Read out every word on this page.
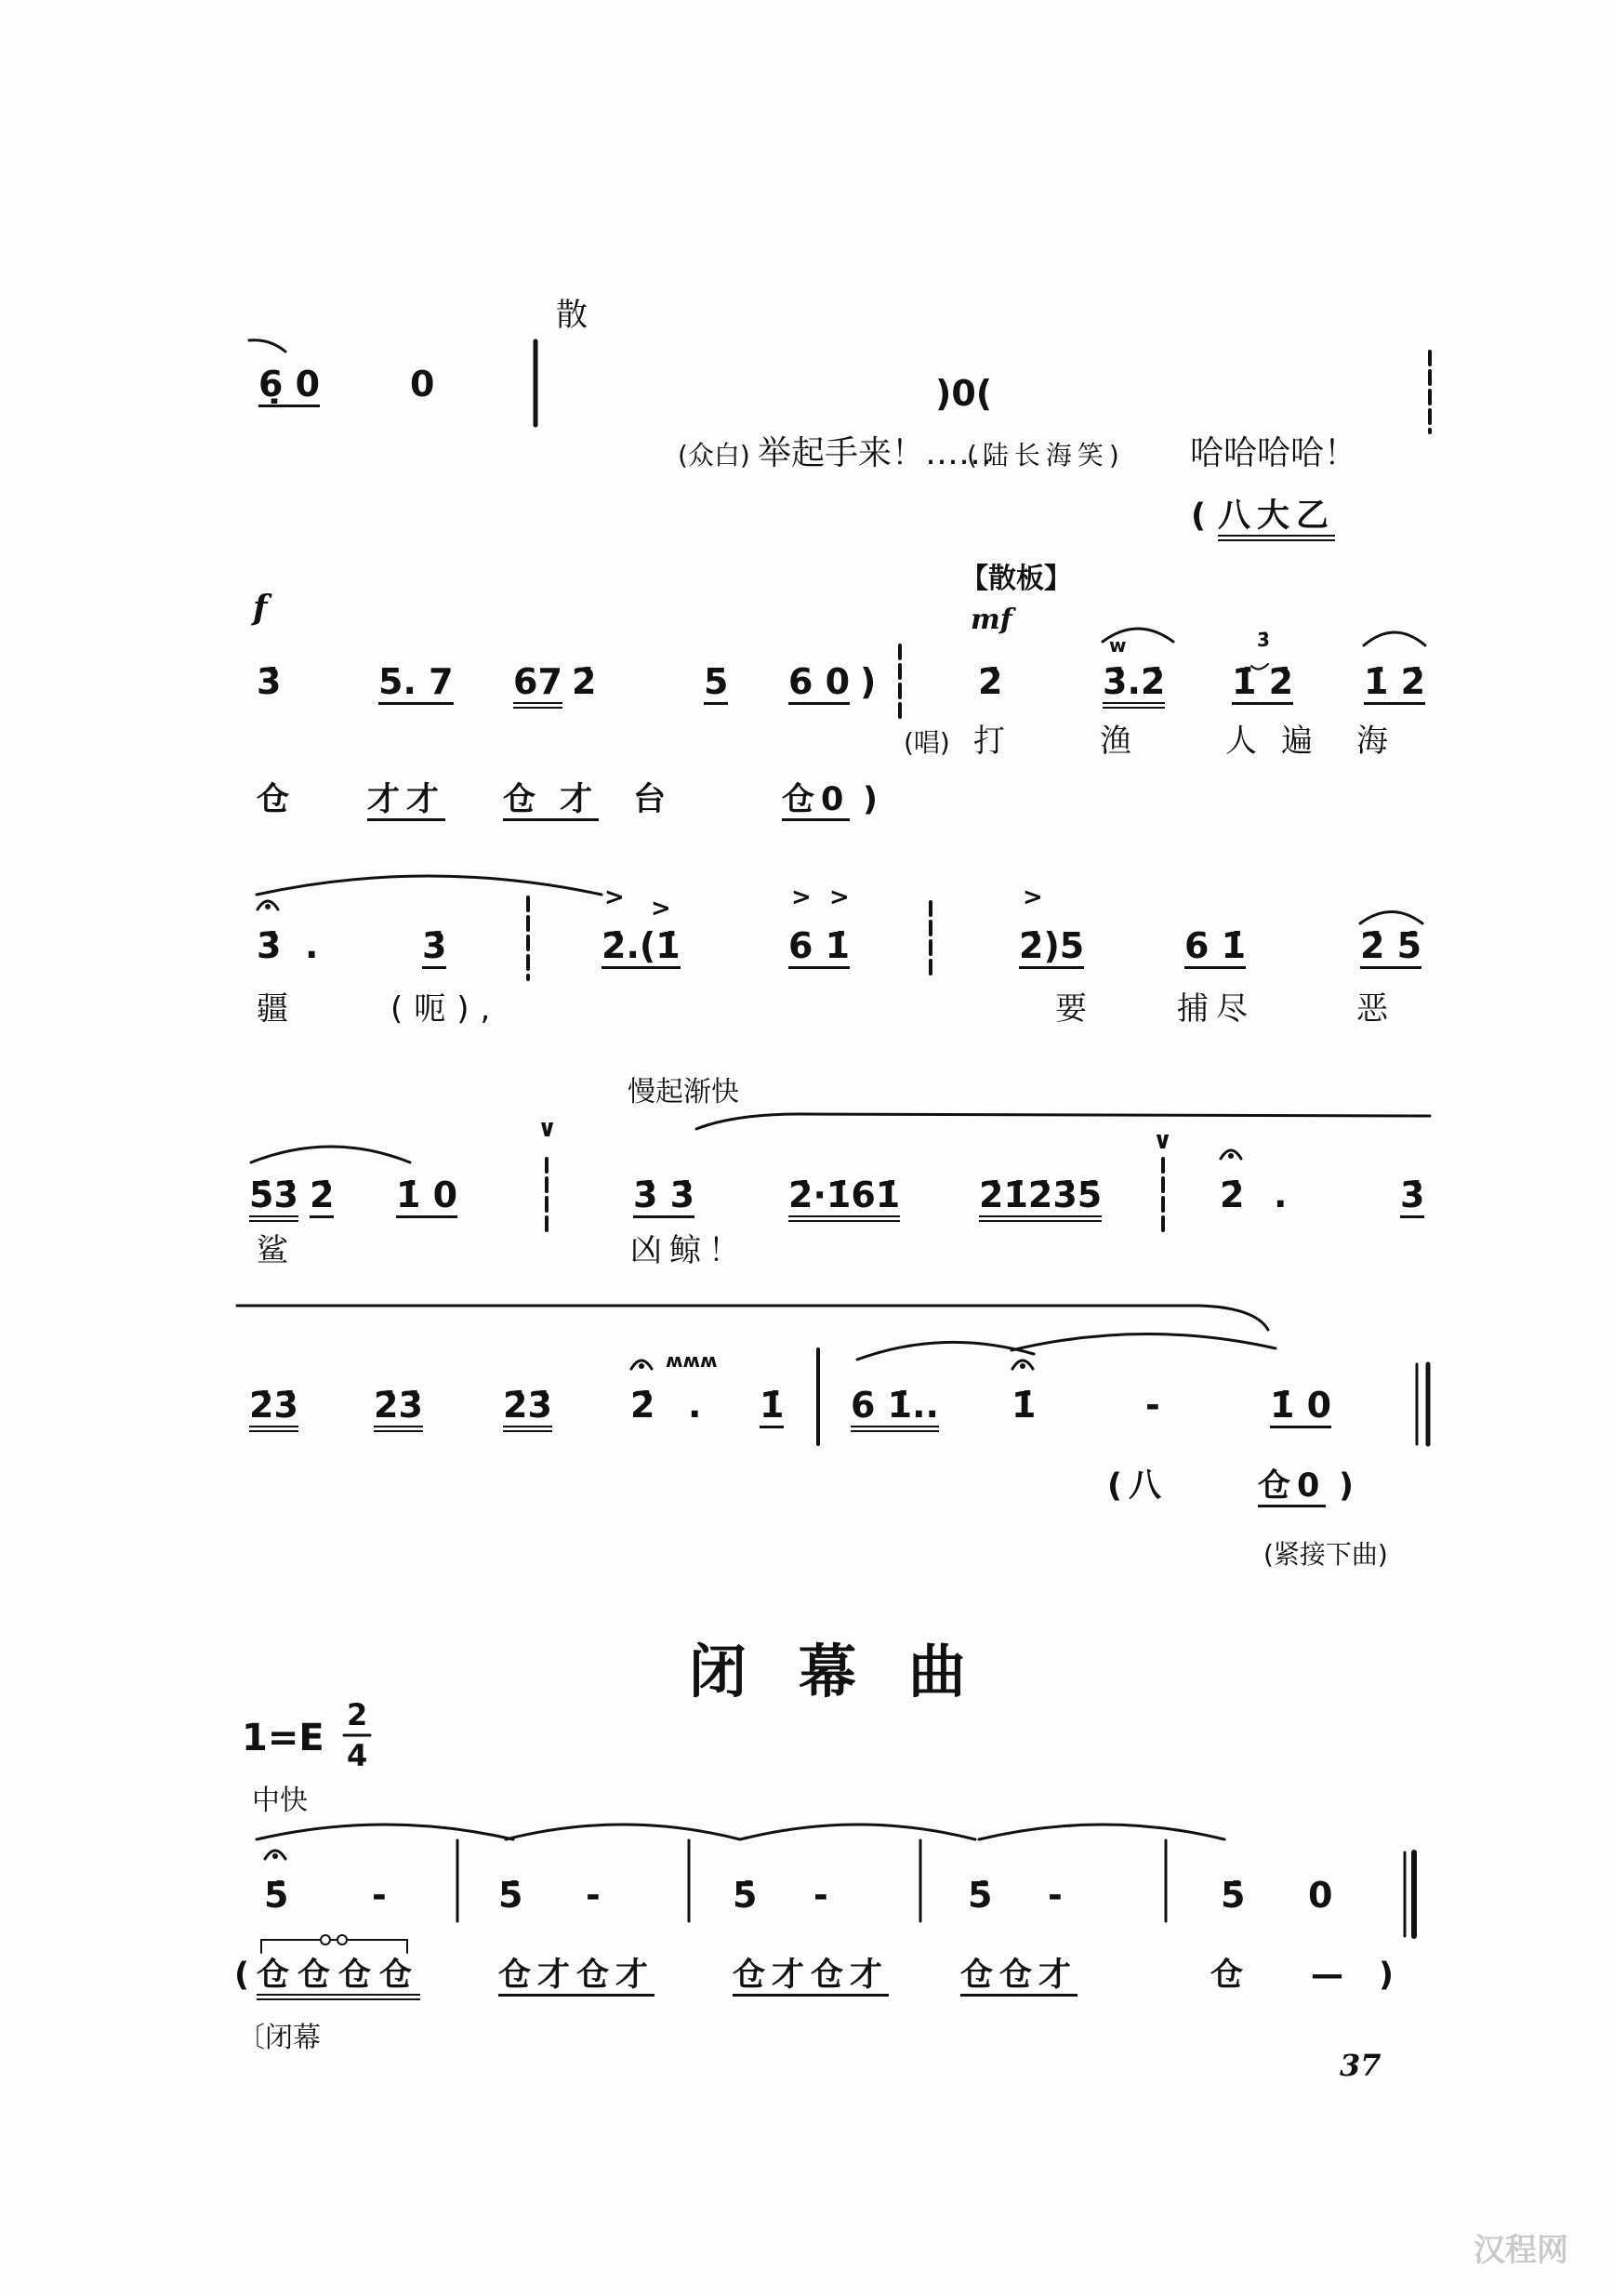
散
6̣ 0	0	)0(
(众白) 举起手来！……
(陆长海笑)	哈哈哈哈！
( 八大乙
【散板】
f	mf
3̇	5. 7 67 2̇	5 6 0 )	2̇	3̇.2̇
w	3̇
1̇ 2̇ 1̇ 2̇
(唱) 打	渔	人遍 海
仓 才才 仓 才 台	仓0 )
> >	> >	>
3̇ .	3̇	2̇.(1̇	6 1̇	2̇)5	6 1̇	2̇ 5̇
疆	(呃),	要	捕尽	恶
慢起渐快
∨	∨
5̇3̇ 2̇ 1̇ 0	3̇ 3̇	2̇·1̇61̇ 2̇1̇2̇3̇5̇	2̇ .	3̇
鲨	凶鲸！
2̇3̇ 2̇3̇ 2̇3̇
ʍʍʍ
2̇ . 1̇ 6 1̇.. 1̇	-	1̇ 0
(八	仓0 )
(紧接下曲)
闭幕曲
1=E
2
4
中快
5̇ -	5̇ -	5̇ -	5̇ -	5̇ 0
( 仓仓仓仓 仓才仓才 仓才仓才 仓仓才	仓 — )
〔闭幕
37
汉程网
